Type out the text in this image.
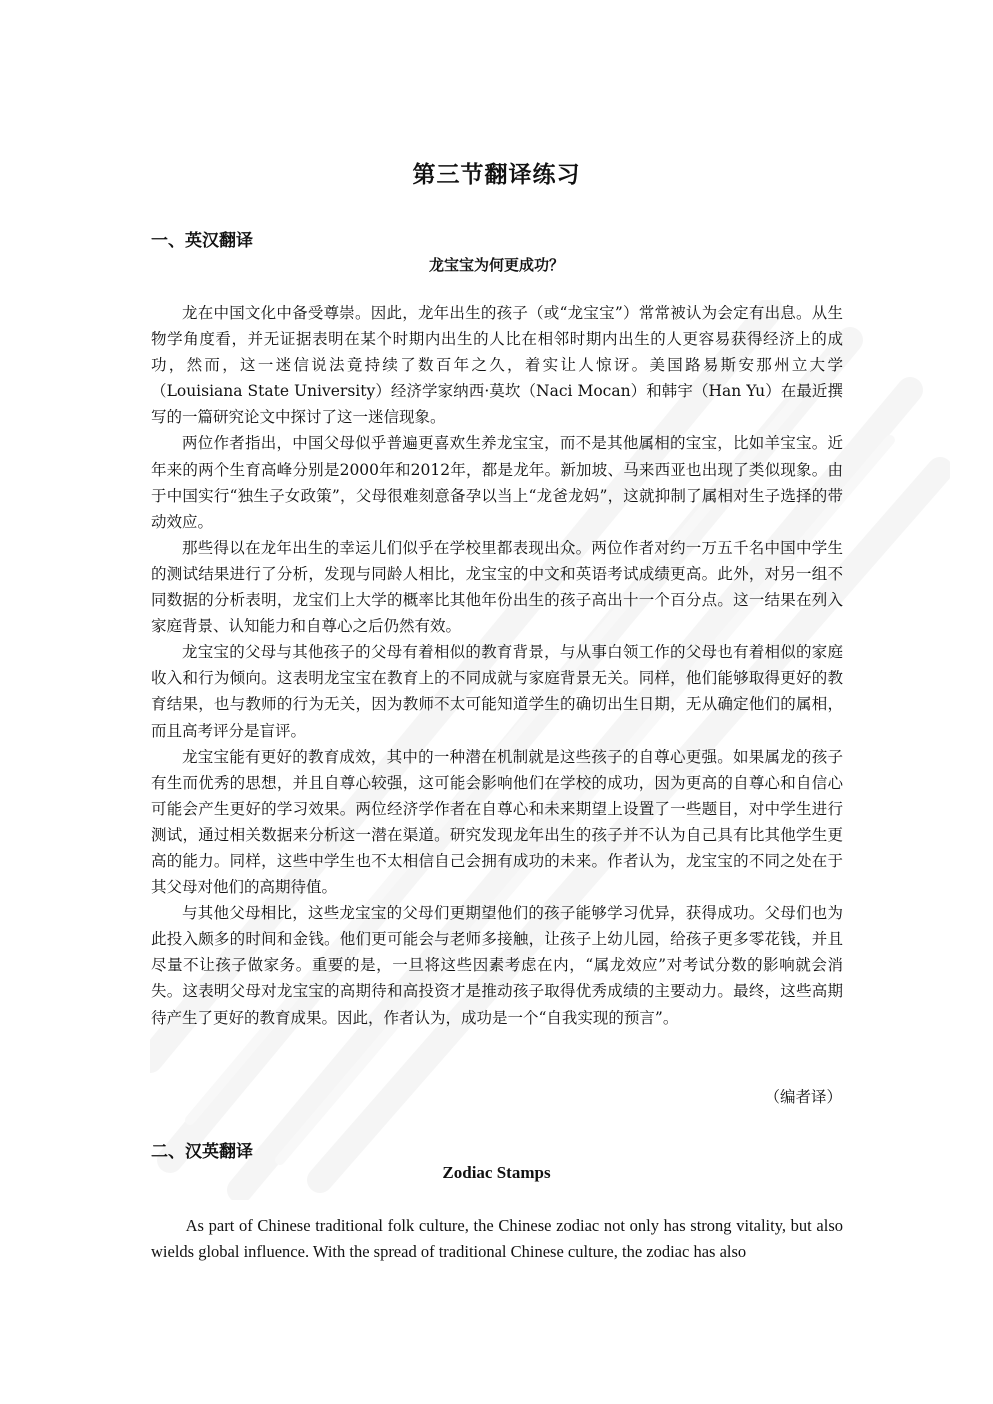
第三节翻译练习
一、英汉翻译
龙宝宝为何更成功？

龙在中国文化中备受尊崇。因此，龙年出生的孩子（或“龙宝宝”）常常被认为会定有出息。从生物学角度看，并无证据表明在某个时期内出生的人比在相邻时期内出生的人更容易获得经济上的成功，然而，这一迷信说法竟持续了数百年之久，着实让人惊讶。美国路易斯安那州立大学（Louisiana State University）经济学家纳西·莫坎（Naci Mocan）和韩宇（Han Yu）在最近撰写的一篇研究论文中探讨了这一迷信现象。

两位作者指出，中国父母似乎普遍更喜欢生养龙宝宝，而不是其他属相的宝宝，比如羊宝宝。近年来的两个生育高峰分别是2000年和2012年，都是龙年。新加坡、马来西亚也出现了类似现象。由于中国实行“独生子女政策”，父母很难刻意备孕以当上“龙爸龙妈”，这就抑制了属相对生子选择的带动效应。

那些得以在龙年出生的幸运儿们似乎在学校里都表现出众。两位作者对约一万五千名中国中学生的测试结果进行了分析，发现与同龄人相比，龙宝宝的中文和英语考试成绩更高。此外，对另一组不同数据的分析表明，龙宝们上大学的概率比其他年份出生的孩子高出十一个百分点。这一结果在列入家庭背景、认知能力和自尊心之后仍然有效。

龙宝宝的父母与其他孩子的父母有着相似的教育背景，与从事白领工作的父母也有着相似的家庭收入和行为倾向。这表明龙宝宝在教育上的不同成就与家庭背景无关。同样，他们能够取得更好的教育结果，也与教师的行为无关，因为教师不太可能知道学生的确切出生日期，无从确定他们的属相，而且高考评分是盲评。

龙宝宝能有更好的教育成效，其中的一种潜在机制就是这些孩子的自尊心更强。如果属龙的孩子有生而优秀的思想，并且自尊心较强，这可能会影响他们在学校的成功，因为更高的自尊心和自信心可能会产生更好的学习效果。两位经济学作者在自尊心和未来期望上设置了一些题目，对中学生进行测试，通过相关数据来分析这一潜在渠道。研究发现龙年出生的孩子并不认为自己具有比其他学生更高的能力。同样，这些中学生也不太相信自己会拥有成功的未来。作者认为，龙宝宝的不同之处在于其父母对他们的高期待值。

与其他父母相比，这些龙宝宝的父母们更期望他们的孩子能够学习优异，获得成功。父母们也为此投入颇多的时间和金钱。他们更可能会与老师多接触，让孩子上幼儿园，给孩子更多零花钱，并且尽量不让孩子做家务。重要的是，一旦将这些因素考虑在内，“属龙效应”对考试分数的影响就会消失。这表明父母对龙宝宝的高期待和高投资才是推动孩子取得优秀成绩的主要动力。最终，这些高期待产生了更好的教育成果。因此，作者认为，成功是一个“自我实现的预言”。

（编者译）
二、汉英翻译
Zodiac Stamps

As part of Chinese traditional folk culture, the Chinese zodiac not only has strong vitality, but also wields global influence. With the spread of traditional Chinese culture, the zodiac has also
